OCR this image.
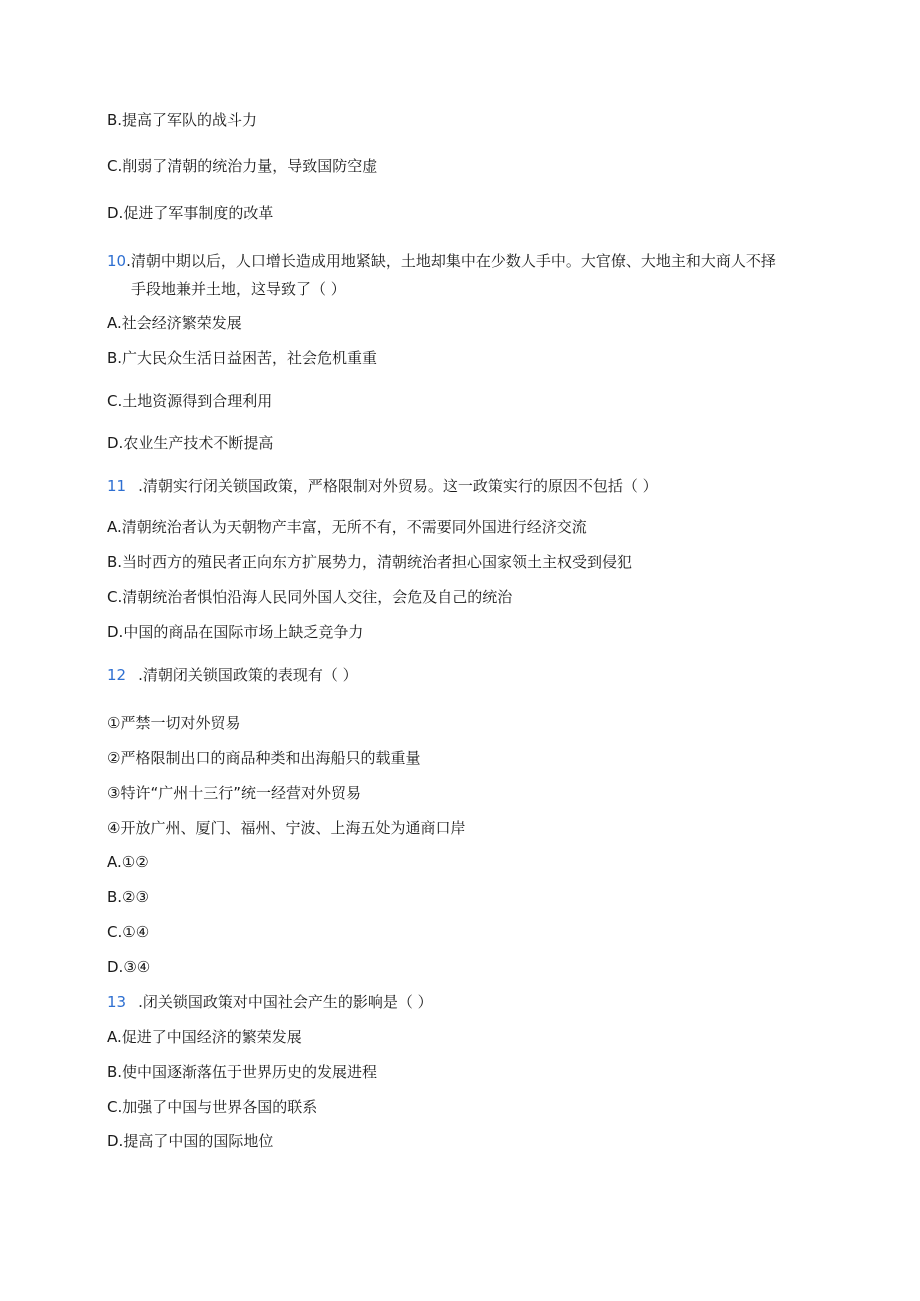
B.提高了军队的战斗力
C.削弱了清朝的统治力量，导致国防空虚
D.促进了军事制度的改革
10.清朝中期以后，人口增长造成用地紧缺，土地却集中在少数人手中。大官僚、大地主和大商人不择
手段地兼并土地，这导致了（ ）
A.社会经济繁荣发展
B.广大民众生活日益困苦，社会危机重重
C.土地资源得到合理利用
D.农业生产技术不断提高
11 .清朝实行闭关锁国政策，严格限制对外贸易。这一政策实行的原因不包括（ ）
A.清朝统治者认为天朝物产丰富，无所不有，不需要同外国进行经济交流
B.当时西方的殖民者正向东方扩展势力，清朝统治者担心国家领土主权受到侵犯
C.清朝统治者惧怕沿海人民同外国人交往，会危及自己的统治
D.中国的商品在国际市场上缺乏竞争力
12 .清朝闭关锁国政策的表现有（ ）
①严禁一切对外贸易
②严格限制出口的商品种类和出海船只的载重量
③特许“广州十三行”统一经营对外贸易
④开放广州、厦门、福州、宁波、上海五处为通商口岸
A.①②
B.②③
C.①④
D.③④
13 .闭关锁国政策对中国社会产生的影响是（ ）
A.促进了中国经济的繁荣发展
B.使中国逐渐落伍于世界历史的发展进程
C.加强了中国与世界各国的联系
D.提高了中国的国际地位
